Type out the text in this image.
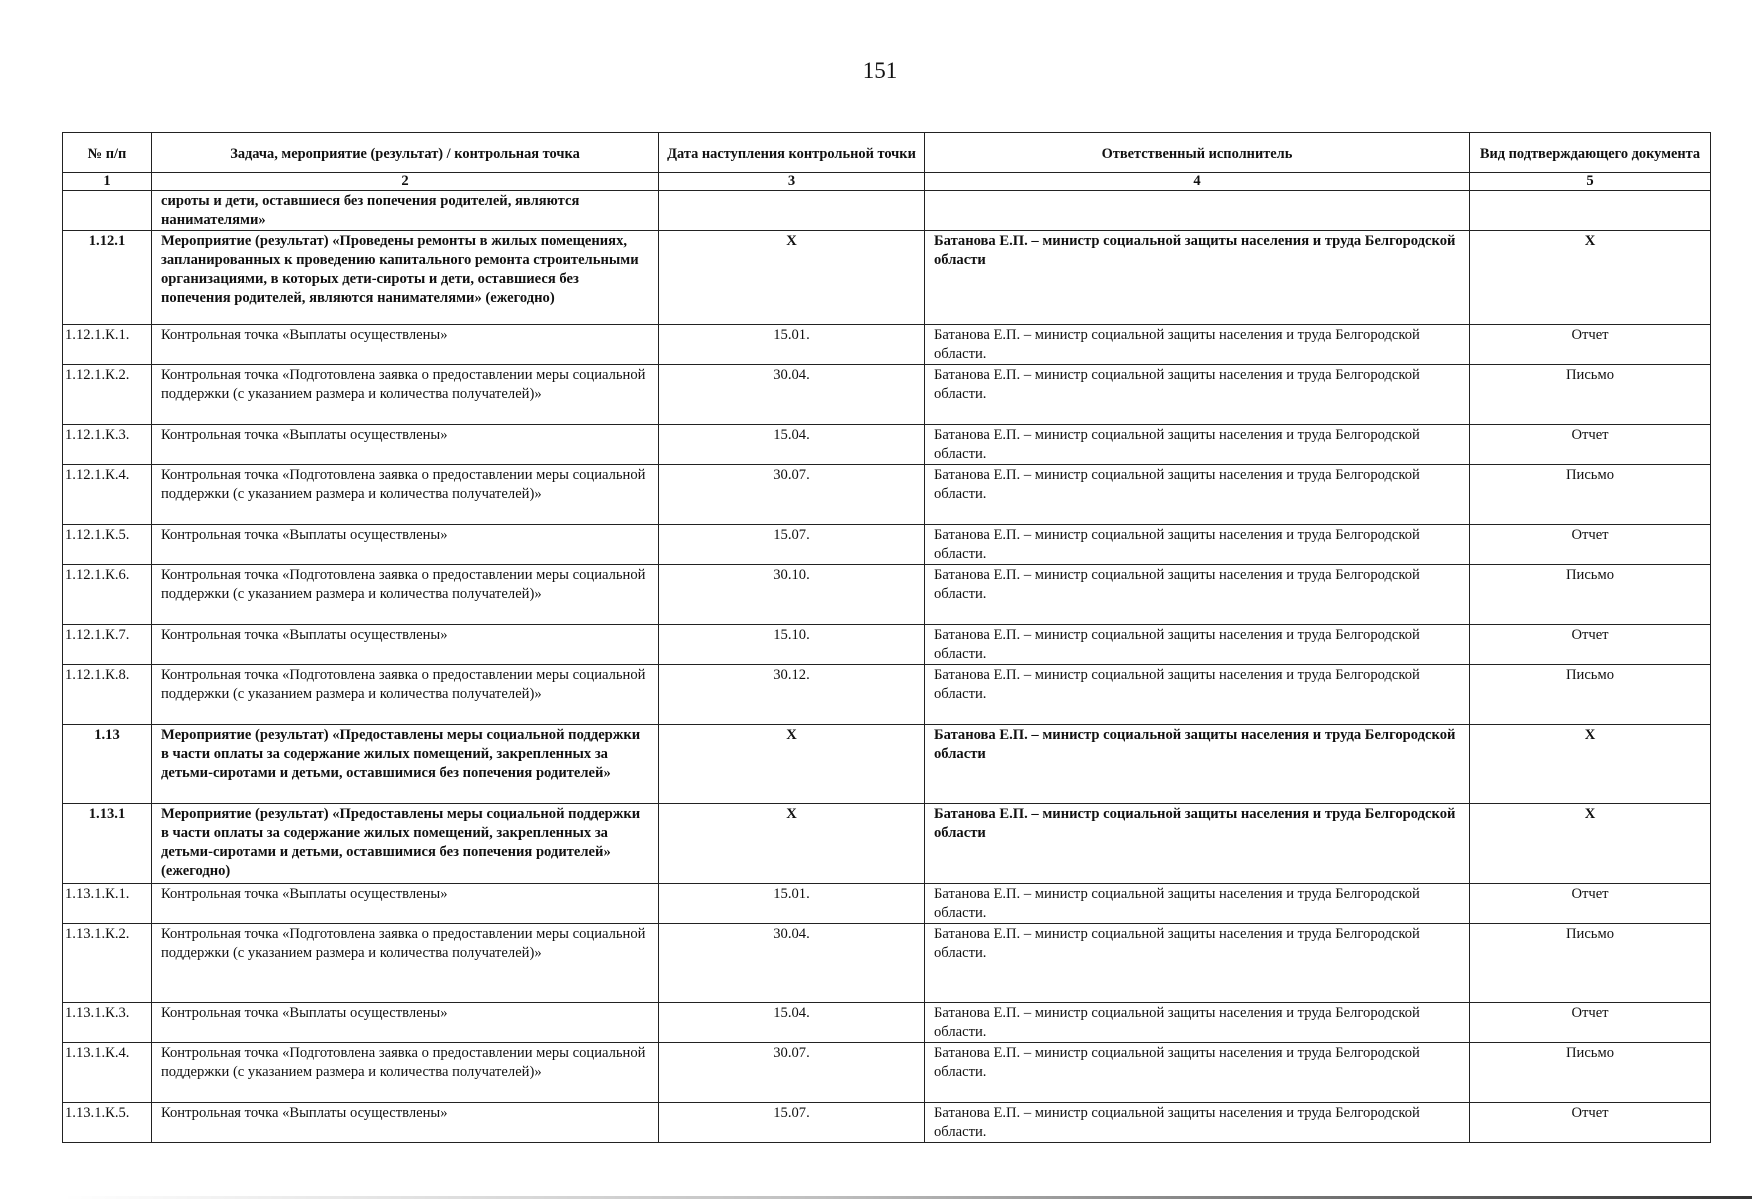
151
№ п/п	Задача, мероприятие (результат) / контрольная точка	Дата наступления контрольной точки	Ответственный исполнитель	Вид подтверждающего документа
1	2	3	4	5
	сироты и дети, оставшиеся без попечения родителей, являются нанимателями»			
1.12.1	Мероприятие (результат) «Проведены ремонты в жилых помещениях, запланированных к проведению капитального ремонта строительными организациями, в которых дети-сироты и дети, оставшиеся без попечения родителей, являются нанимателями» (ежегодно)	Х	Батанова Е.П. – министр социальной защиты населения и труда Белгородской области	Х
1.12.1.К.1.	Контрольная точка «Выплаты осуществлены»	15.01.	Батанова Е.П. – министр социальной защиты населения и труда Белгородской области.	Отчет
1.12.1.К.2.	Контрольная точка «Подготовлена заявка о предоставлении меры социальной поддержки (с указанием размера и количества получателей)»	30.04.	Батанова Е.П. – министр социальной защиты населения и труда Белгородской области.	Письмо
1.12.1.К.3.	Контрольная точка «Выплаты осуществлены»	15.04.	Батанова Е.П. – министр социальной защиты населения и труда Белгородской области.	Отчет
1.12.1.К.4.	Контрольная точка «Подготовлена заявка о предоставлении меры социальной поддержки (с указанием размера и количества получателей)»	30.07.	Батанова Е.П. – министр социальной защиты населения и труда Белгородской области.	Письмо
1.12.1.К.5.	Контрольная точка «Выплаты осуществлены»	15.07.	Батанова Е.П. – министр социальной защиты населения и труда Белгородской области.	Отчет
1.12.1.К.6.	Контрольная точка «Подготовлена заявка о предоставлении меры социальной поддержки (с указанием размера и количества получателей)»	30.10.	Батанова Е.П. – министр социальной защиты населения и труда Белгородской области.	Письмо
1.12.1.К.7.	Контрольная точка «Выплаты осуществлены»	15.10.	Батанова Е.П. – министр социальной защиты населения и труда Белгородской области.	Отчет
1.12.1.К.8.	Контрольная точка «Подготовлена заявка о предоставлении меры социальной поддержки (с указанием размера и количества получателей)»	30.12.	Батанова Е.П. – министр социальной защиты населения и труда Белгородской области.	Письмо
1.13	Мероприятие (результат) «Предоставлены меры социальной поддержки в части оплаты за содержание жилых помещений, закрепленных за детьми-сиротами и детьми, оставшимися без попечения родителей»	Х	Батанова Е.П. – министр социальной защиты населения и труда Белгородской области	Х
1.13.1	Мероприятие (результат) «Предоставлены меры социальной поддержки в части оплаты за содержание жилых помещений, закрепленных за детьми-сиротами и детьми, оставшимися без попечения родителей» (ежегодно)	Х	Батанова Е.П. – министр социальной защиты населения и труда Белгородской области	Х
1.13.1.К.1.	Контрольная точка «Выплаты осуществлены»	15.01.	Батанова Е.П. – министр социальной защиты населения и труда Белгородской области.	Отчет
1.13.1.К.2.	Контрольная точка «Подготовлена заявка о предоставлении меры социальной поддержки (с указанием размера и количества получателей)»	30.04.	Батанова Е.П. – министр социальной защиты населения и труда Белгородской области.	Письмо
1.13.1.К.3.	Контрольная точка «Выплаты осуществлены»	15.04.	Батанова Е.П. – министр социальной защиты населения и труда Белгородской области.	Отчет
1.13.1.К.4.	Контрольная точка «Подготовлена заявка о предоставлении меры социальной поддержки (с указанием размера и количества получателей)»	30.07.	Батанова Е.П. – министр социальной защиты населения и труда Белгородской области.	Письмо
1.13.1.К.5.	Контрольная точка «Выплаты осуществлены»	15.07.	Батанова Е.П. – министр социальной защиты населения и труда Белгородской области.	Отчет
